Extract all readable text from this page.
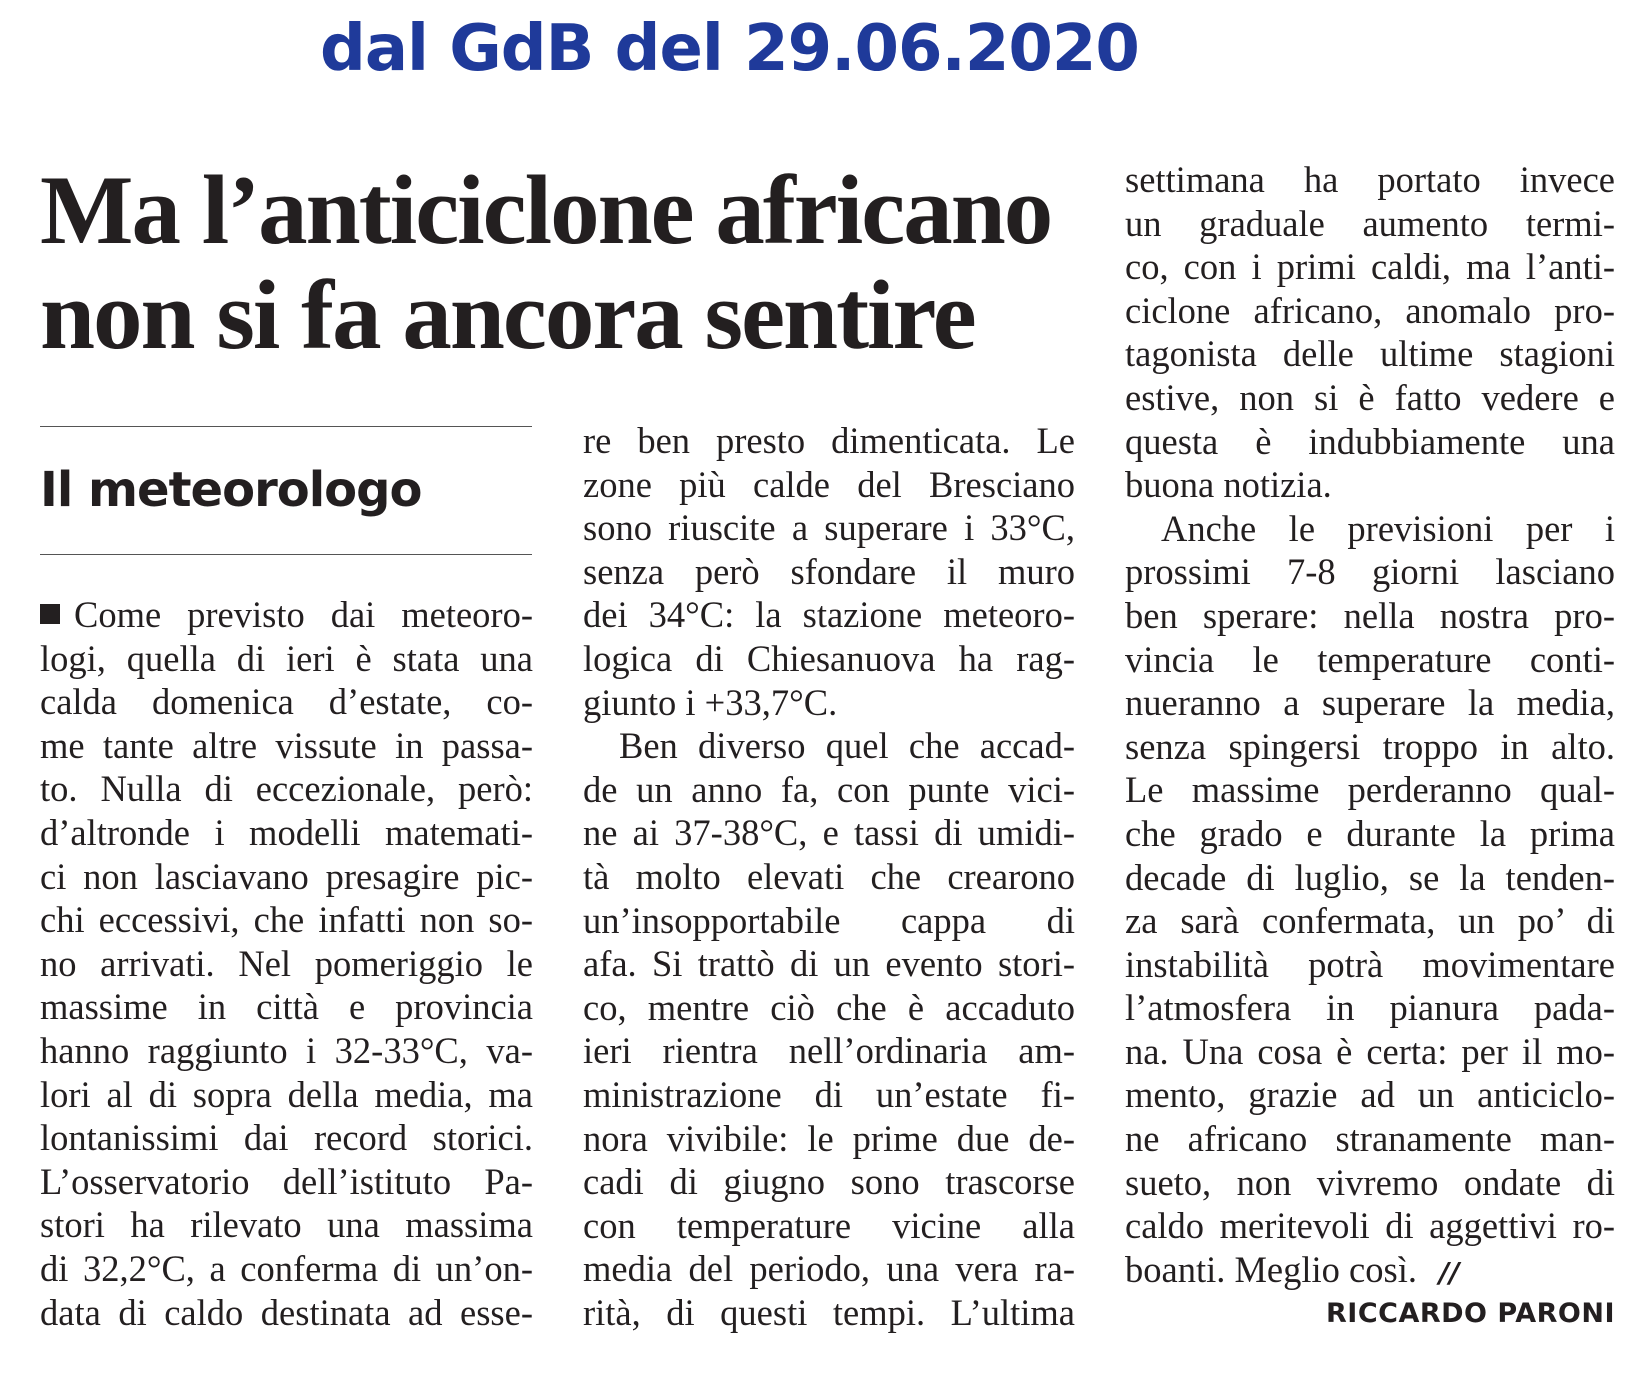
dal GdB del 29.06.2020
Ma l’anticiclone africano
non si fa ancora sentire
Il meteorologo
Come previsto dai meteoro-
logi, quella di ieri è stata una
calda domenica d’estate, co-
me tante altre vissute in passa-
to. Nulla di eccezionale, però:
d’altronde i modelli matemati-
ci non lasciavano presagire pic-
chi eccessivi, che infatti non so-
no arrivati. Nel pomeriggio le
massime in città e provincia
hanno raggiunto i 32-33°C, va-
lori al di sopra della media, ma
lontanissimi dai record storici.
L’osservatorio dell’istituto Pa-
stori ha rilevato una massima
di 32,2°C, a conferma di un’on-
data di caldo destinata ad esse-
re ben presto dimenticata. Le
zone più calde del Bresciano
sono riuscite a superare i 33°C,
senza però sfondare il muro
dei 34°C: la stazione meteoro-
logica di Chiesanuova ha rag-
giunto i +33,7°C.
Ben diverso quel che accad-
de un anno fa, con punte vici-
ne ai 37-38°C, e tassi di umidi-
tà molto elevati che crearono
un’insopportabile cappa di
afa. Si trattò di un evento stori-
co, mentre ciò che è accaduto
ieri rientra nell’ordinaria am-
ministrazione di un’estate fi-
nora vivibile: le prime due de-
cadi di giugno sono trascorse
con temperature vicine alla
media del periodo, una vera ra-
rità, di questi tempi. L’ultima
settimana ha portato invece
un graduale aumento termi-
co, con i primi caldi, ma l’anti-
ciclone africano, anomalo pro-
tagonista delle ultime stagioni
estive, non si è fatto vedere e
questa è indubbiamente una
buona notizia.
Anche le previsioni per i
prossimi 7-8 giorni lasciano
ben sperare: nella nostra pro-
vincia le temperature conti-
nueranno a superare la media,
senza spingersi troppo in alto.
Le massime perderanno qual-
che grado e durante la prima
decade di luglio, se la tenden-
za sarà confermata, un po’ di
instabilità potrà movimentare
l’atmosfera in pianura pada-
na. Una cosa è certa: per il mo-
mento, grazie ad un anticiclo-
ne africano stranamente man-
sueto, non vivremo ondate di
caldo meritevoli di aggettivi ro-
boanti. Meglio così. //
RICCARDO PARONI
